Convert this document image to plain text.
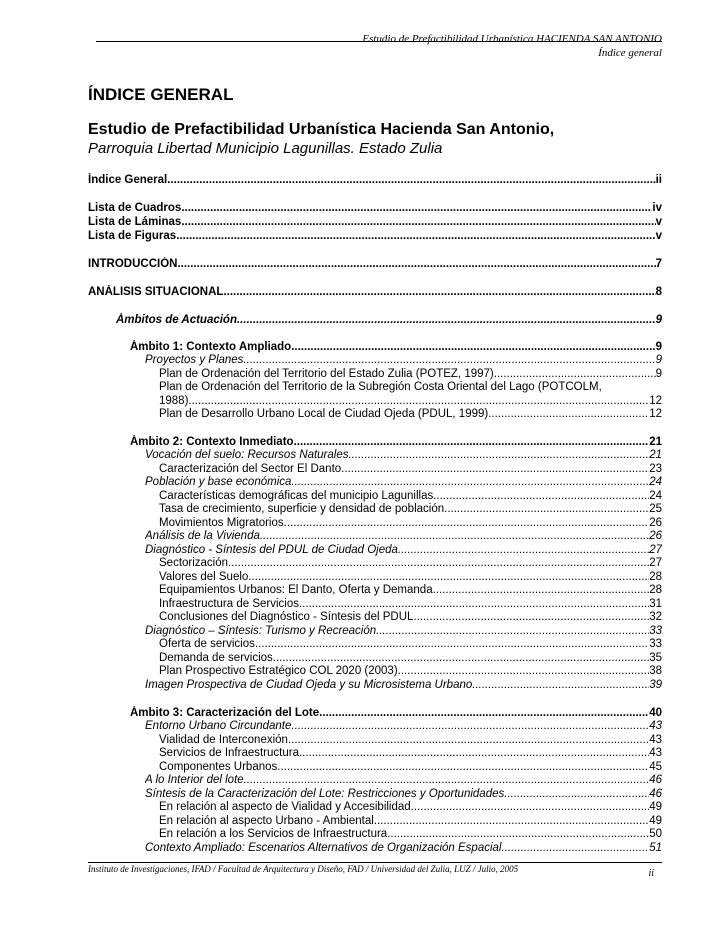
Estudio de Prefactibilidad Urbanística HACIENDA SAN ANTONIO
Índice general
ÍNDICE GENERAL
Estudio de Prefactibilidad Urbanística Hacienda San Antonio,
Parroquia Libertad Municipio Lagunillas. Estado Zulia
Índice General .....	ii
Lista de Cuadros .....	iv
Lista de Láminas .....	v
Lista de Figuras .....	v
INTRODUCCIÓN .....	7
ANÁLISIS SITUACIONAL .....	8
Ámbitos de Actuación .....	9
Ámbito 1: Contexto Ampliado .....	9
Proyectos y Planes .....	9
Plan de Ordenación del Territorio del Estado Zulia (POTEZ, 1997) .....	9
Plan de Ordenación del Territorio de la Subregión Costa Oriental del Lago (POTCOLM,
1988) .....	12
Plan de Desarrollo Urbano Local de Ciudad Ojeda (PDUL, 1999) .....	12
Ámbito 2: Contexto Inmediato .....	21
Vocación del suelo: Recursos Naturales .....	21
Caracterización del Sector El Danto .....	23
Población y base económica .....	24
Características demográficas del municipio Lagunillas .....	24
Tasa de crecimiento, superficie y densidad de población .....	25
Movimientos Migratorios .....	26
Análisis de la Vivienda .....	26
Diagnóstico - Síntesis del PDUL de Ciudad Ojeda .....	27
Sectorización .....	27
Valores del Suelo .....	28
Equipamientos Urbanos: El Danto, Oferta y Demanda .....	28
Infraestructura de Servicios .....	31
Conclusiones del Diagnóstico - Síntesis del PDUL .....	32
Diagnóstico – Síntesis: Turismo y Recreación .....	33
Oferta de servicios .....	33
Demanda de servicios .....	35
Plan Prospectivo Estratégico COL 2020 (2003) .....	38
Imagen Prospectiva de Ciudad Ojeda y su Microsistema Urbano .....	39
Ámbito 3: Caracterización del Lote .....	40
Entorno Urbano Circundante .....	43
Vialidad de Interconexión .....	43
Servicios de Infraestructura .....	43
Componentes Urbanos .....	45
A lo Interior del lote .....	46
Síntesis de la Caracterización del Lote: Restricciones y Oportunidades .....	46
En relación al aspecto de Vialidad y Accesibilidad .....	49
En relación al aspecto Urbano - Ambiental .....	49
En relación a los Servicios de Infraestructura .....	50
Contexto Ampliado: Escenarios Alternativos de Organización Espacial .....	51
Instituto de Investigaciones, IFAD / Facultad de Arquitectura y Diseño, FAD / Universidad del Zulia, LUZ / Julio, 2005	ii
